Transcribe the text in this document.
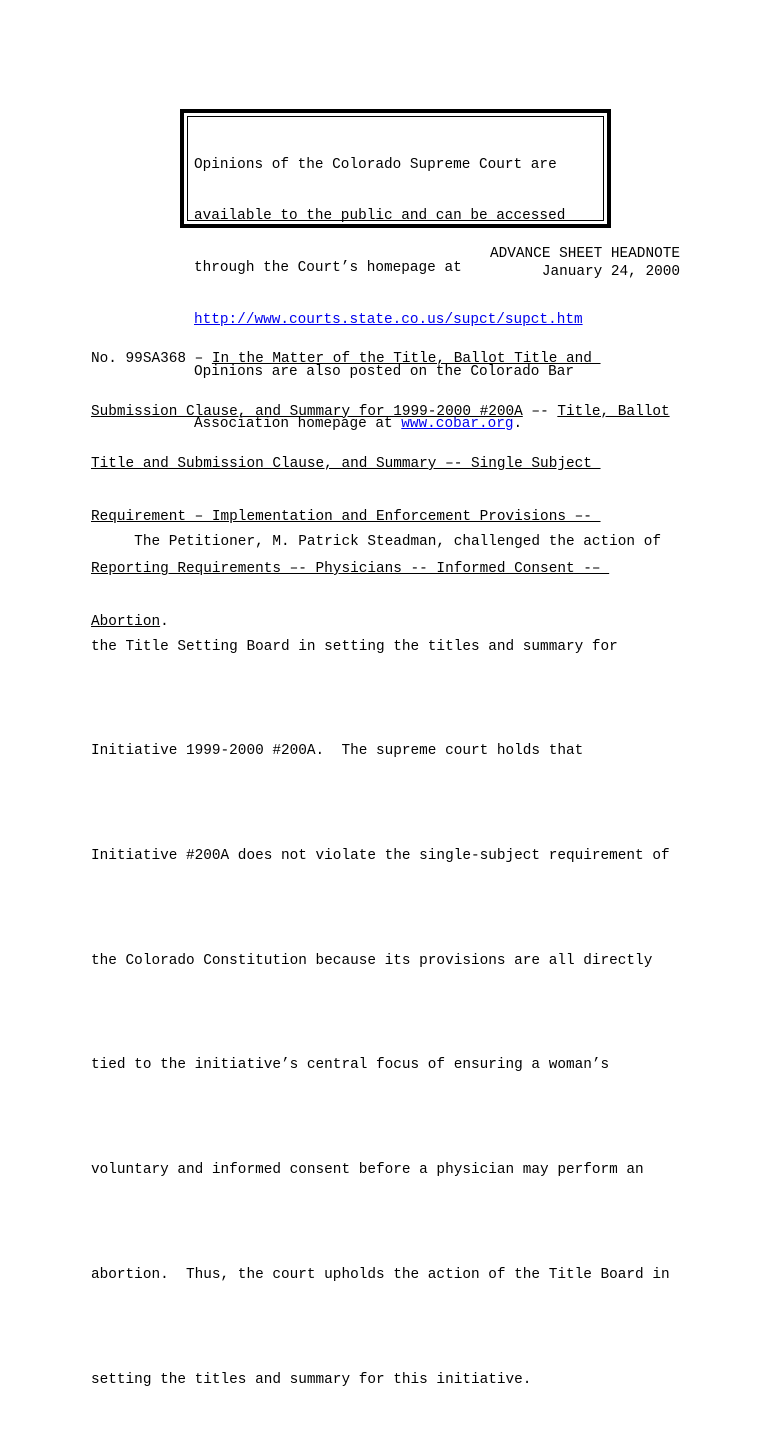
Opinions of the Colorado Supreme Court are

available to the public and can be accessed

through the Court’s homepage at

http://www.courts.state.co.us/supct/supct.htm

Opinions are also posted on the Colorado Bar

Association homepage at www.cobar.org.

ADVANCE SHEET HEADNOTE
January 24, 2000

No. 99SA368 – In the Matter of the Title, Ballot Title and

Submission Clause, and Summary for 1999-2000 #200A –- Title, Ballot

Title and Submission Clause, and Summary –- Single Subject

Requirement – Implementation and Enforcement Provisions –-

Reporting Requirements –- Physicians -- Informed Consent -–

Abortion.

The Petitioner, M. Patrick Steadman, challenged the action of

the Title Setting Board in setting the titles and summary for

Initiative 1999-2000 #200A.  The supreme court holds that

Initiative #200A does not violate the single-subject requirement of

the Colorado Constitution because its provisions are all directly

tied to the initiative’s central focus of ensuring a woman’s

voluntary and informed consent before a physician may perform an

abortion.  Thus, the court upholds the action of the Title Board in

setting the titles and summary for this initiative.
